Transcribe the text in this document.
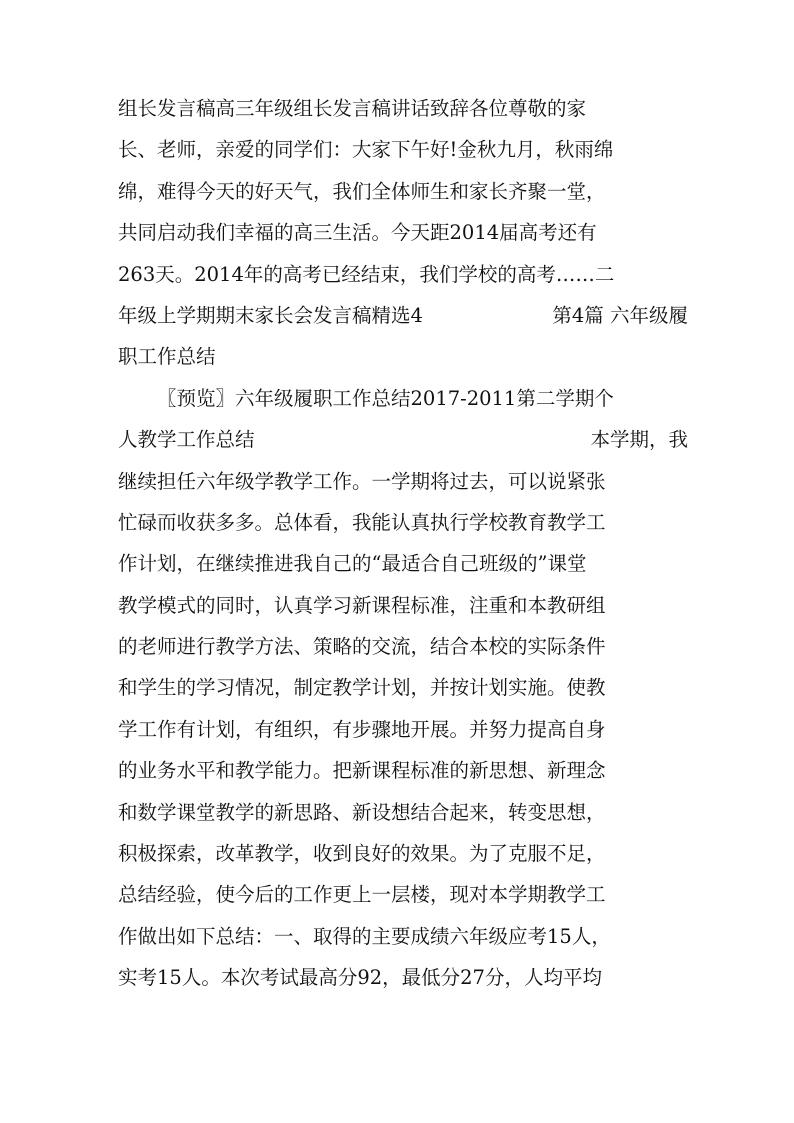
组长发言稿高三年级组长发言稿讲话致辞各位尊敬的家
长、老师，亲爱的同学们：大家下午好!金秋九月，秋雨绵
绵，难得今天的好天气，我们全体师生和家长齐聚一堂，
共同启动我们幸福的高三生活。今天距2014届高考还有
263天。2014年的高考已经结束，我们学校的高考……二
年级上学期期末家长会发言稿精选4	第4篇 六年级履
职工作总结
〖预览〗六年级履职工作总结2017-2011第二学期个
人教学工作总结	本学期，我
继续担任六年级学教学工作。一学期将过去，可以说紧张
忙碌而收获多多。总体看，我能认真执行学校教育教学工
作计划，在继续推进我自己的“最适合自己班级的”课堂
教学模式的同时，认真学习新课程标准，注重和本教研组
的老师进行教学方法、策略的交流，结合本校的实际条件
和学生的学习情况，制定教学计划，并按计划实施。使教
学工作有计划，有组织，有步骤地开展。并努力提高自身
的业务水平和教学能力。把新课程标准的新思想、新理念
和数学课堂教学的新思路、新设想结合起来，转变思想，
积极探索，改革教学，收到良好的效果。为了克服不足，
总结经验，使今后的工作更上一层楼，现对本学期教学工
作做出如下总结：一、取得的主要成绩六年级应考15人，
实考15人。本次考试最高分92，最低分27分，人均平均
